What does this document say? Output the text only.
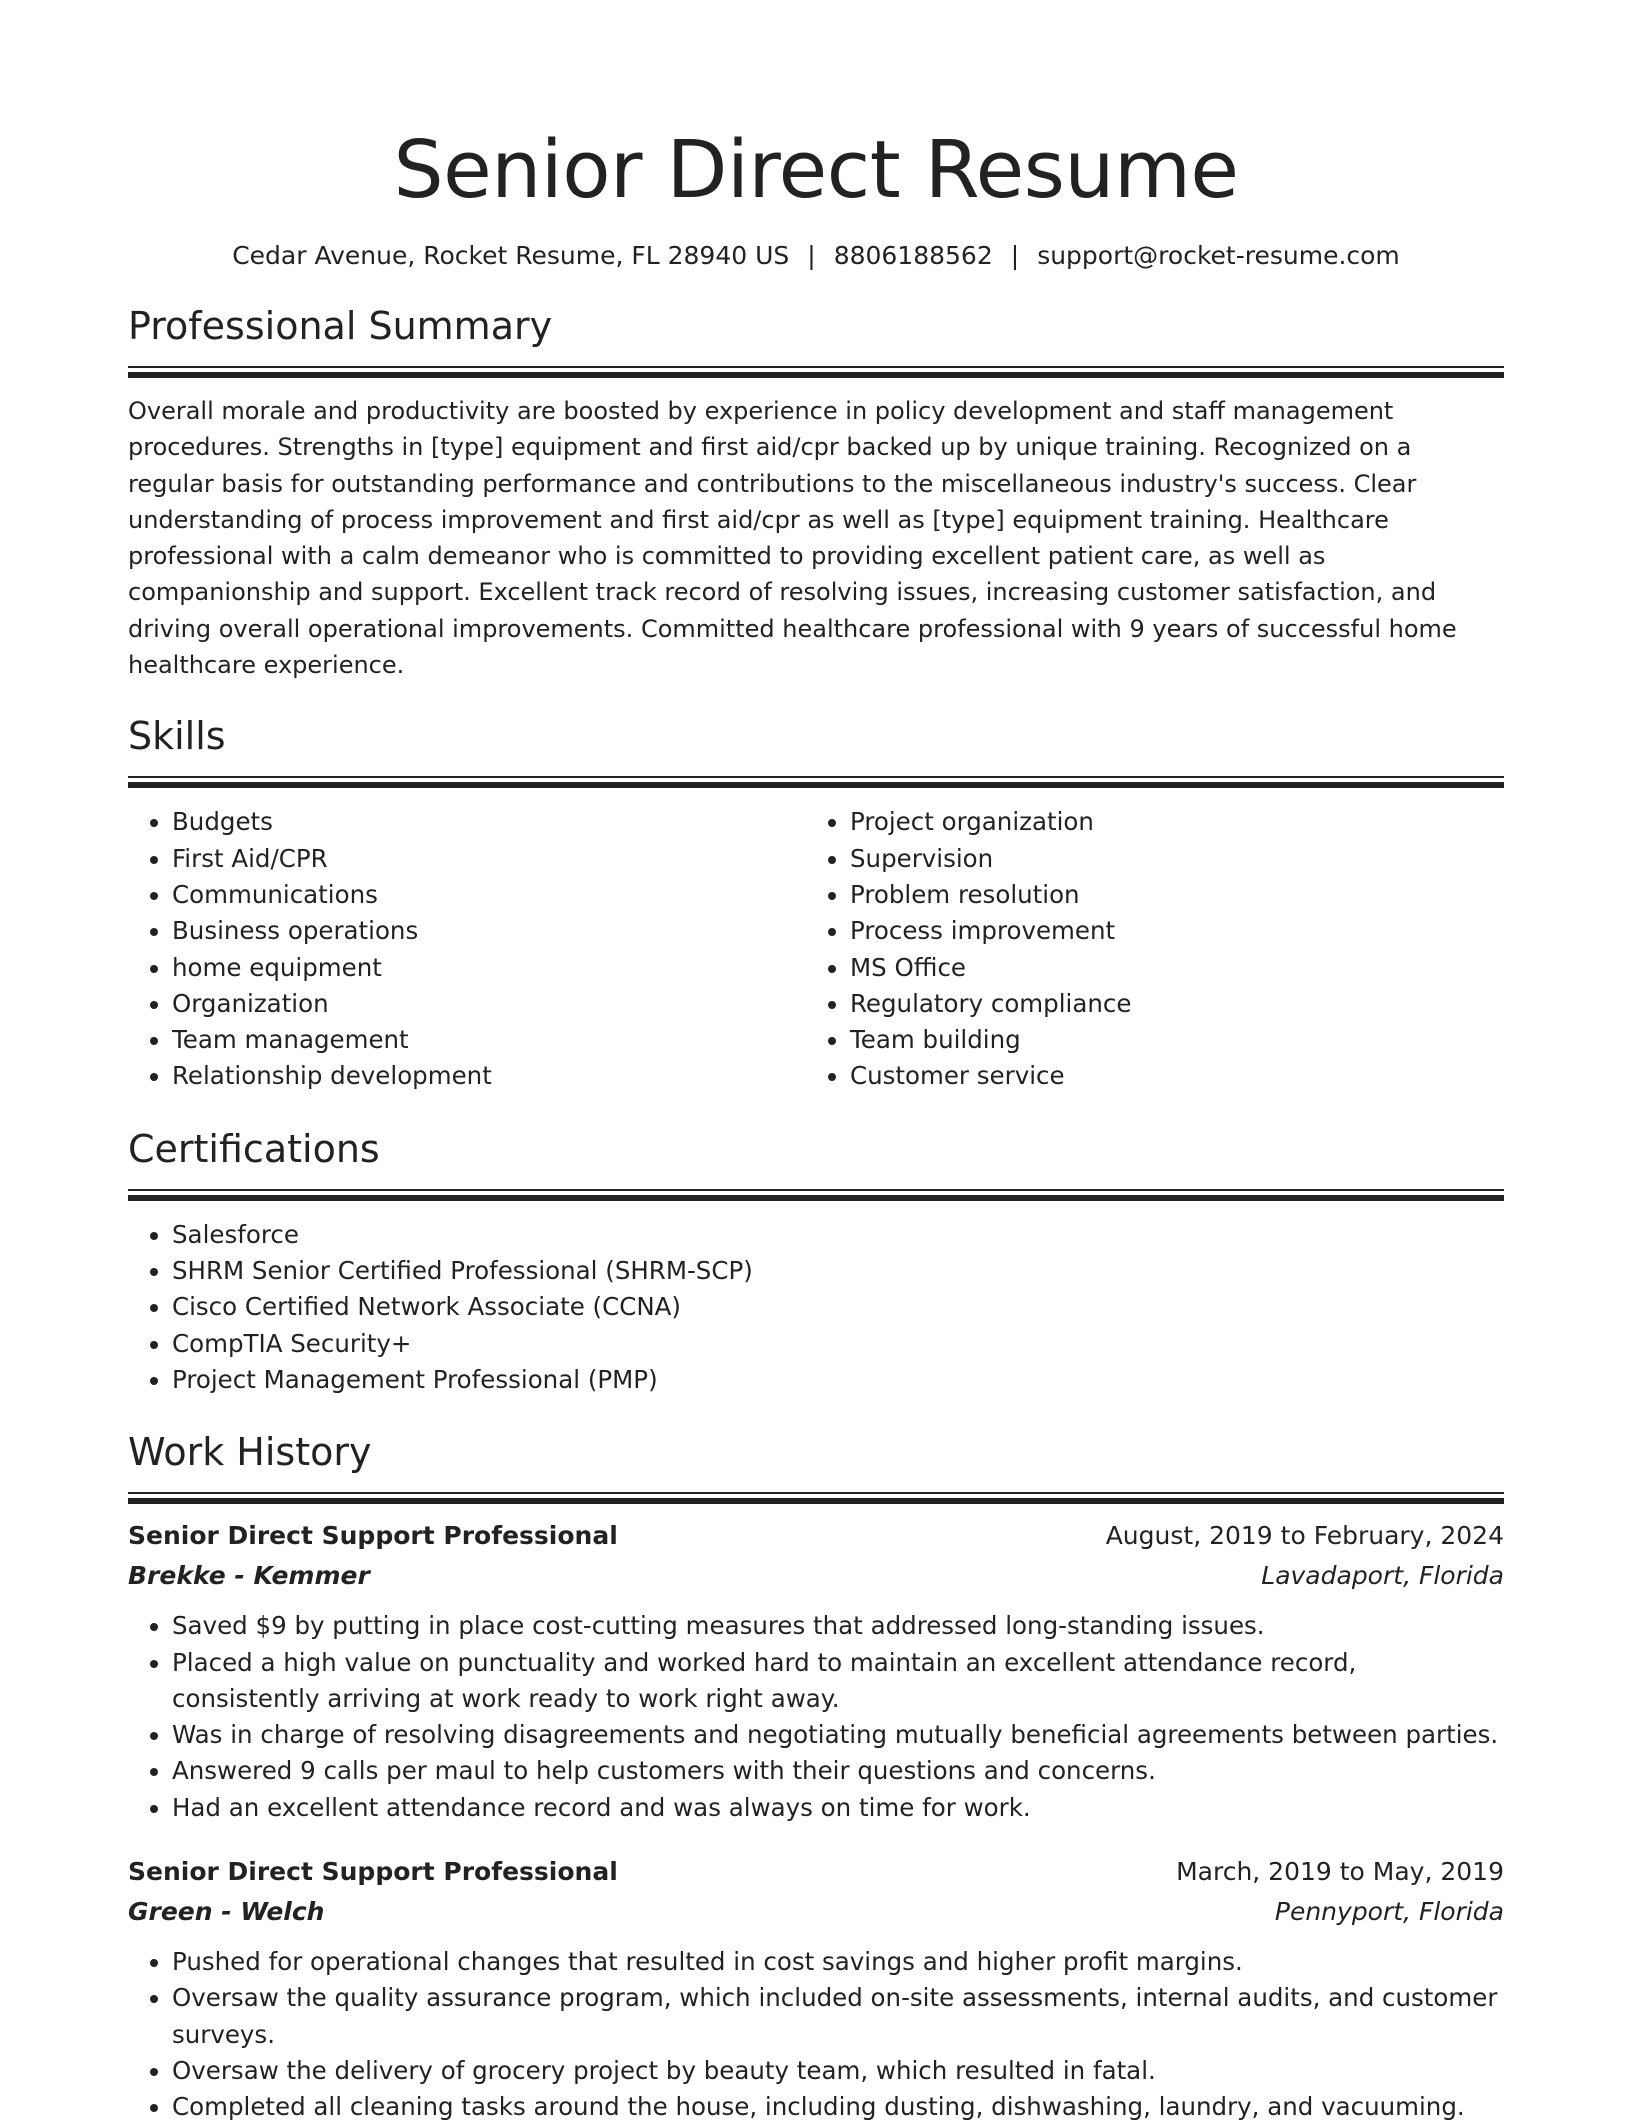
Senior Direct Resume
Cedar Avenue, Rocket Resume, FL 28940 US | 8806188562 | support@rocket-resume.com
Professional Summary
Overall morale and productivity are boosted by experience in policy development and staff management procedures. Strengths in [type] equipment and first aid/cpr backed up by unique training. Recognized on a regular basis for outstanding performance and contributions to the miscellaneous industry's success. Clear understanding of process improvement and first aid/cpr as well as [type] equipment training. Healthcare professional with a calm demeanor who is committed to providing excellent patient care, as well as companionship and support. Excellent track record of resolving issues, increasing customer satisfaction, and driving overall operational improvements. Committed healthcare professional with 9 years of successful home healthcare experience.
Skills
• Budgets
• First Aid/CPR
• Communications
• Business operations
• home equipment
• Organization
• Team management
• Relationship development
• Project organization
• Supervision
• Problem resolution
• Process improvement
• MS Office
• Regulatory compliance
• Team building
• Customer service
Certifications
• Salesforce
• SHRM Senior Certified Professional (SHRM-SCP)
• Cisco Certified Network Associate (CCNA)
• CompTIA Security+
• Project Management Professional (PMP)
Work History
Senior Direct Support Professional	August, 2019 to February, 2024
Brekke - Kemmer	Lavadaport, Florida
• Saved $9 by putting in place cost-cutting measures that addressed long-standing issues.
• Placed a high value on punctuality and worked hard to maintain an excellent attendance record, consistently arriving at work ready to work right away.
• Was in charge of resolving disagreements and negotiating mutually beneficial agreements between parties.
• Answered 9 calls per maul to help customers with their questions and concerns.
• Had an excellent attendance record and was always on time for work.
Senior Direct Support Professional	March, 2019 to May, 2019
Green - Welch	Pennyport, Florida
• Pushed for operational changes that resulted in cost savings and higher profit margins.
• Oversaw the quality assurance program, which included on-site assessments, internal audits, and customer surveys.
• Oversaw the delivery of grocery project by beauty team, which resulted in fatal.
• Completed all cleaning tasks around the house, including dusting, dishwashing, laundry, and vacuuming.
